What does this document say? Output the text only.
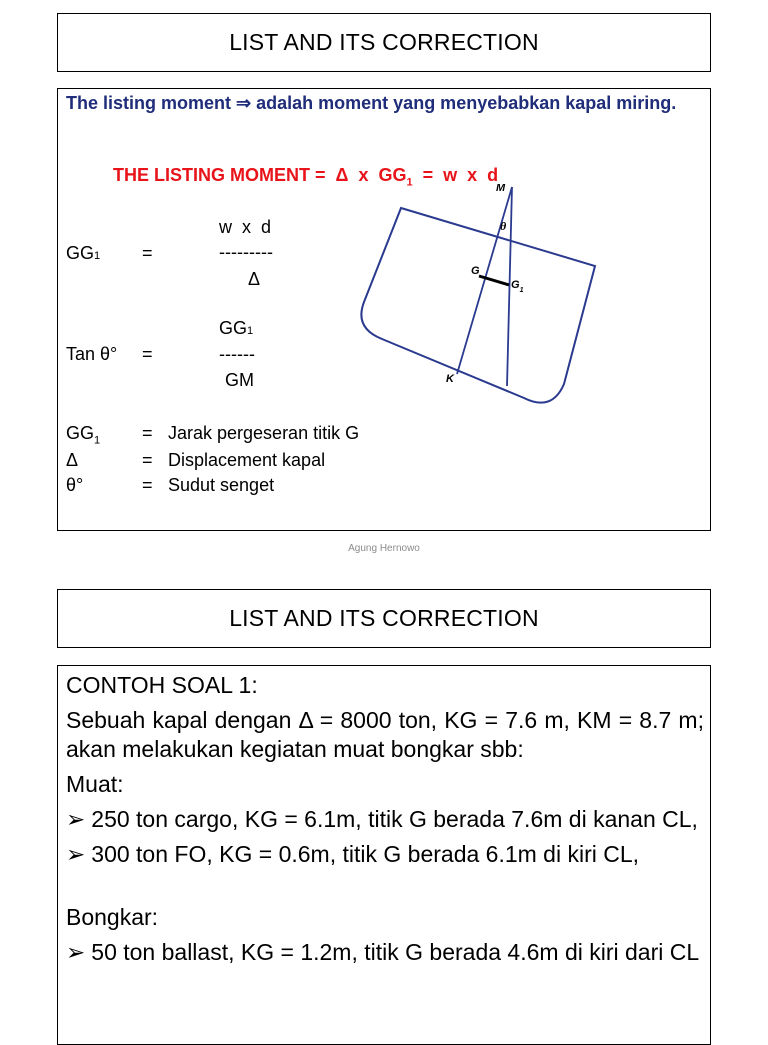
LIST AND ITS CORRECTION
The listing moment ⇒ adalah moment yang menyebabkan kapal miring.
THE LISTING MOMENT =  Δ  x  $GG_1 = w$  x  d
GG1 =
w  x  d
---------
Δ
Tan θ° =
GG1
------
GM
$GG_1$ = Jarak pergeseran titik G
Δ	= Displacement kapal
θ°	= Sudut senget
M
θ
G
$G_1$
K
Agung Hernowo
LIST AND ITS CORRECTION

CONTOH SOAL 1:

Sebuah kapal dengan Δ = 8000 ton, KG = 7.6 m, KM = 8.7 m; akan melakukan kegiatan muat bongkar sbb:

Muat:

➢ 250 ton cargo, KG = 6.1m, titik G berada 7.6m di kanan CL,

➢ 300 ton FO, KG = 0.6m, titik G berada 6.1m di kiri CL,

Bongkar:

➢ 50 ton ballast, KG = 1.2m, titik G berada 4.6m di kiri dari CL
